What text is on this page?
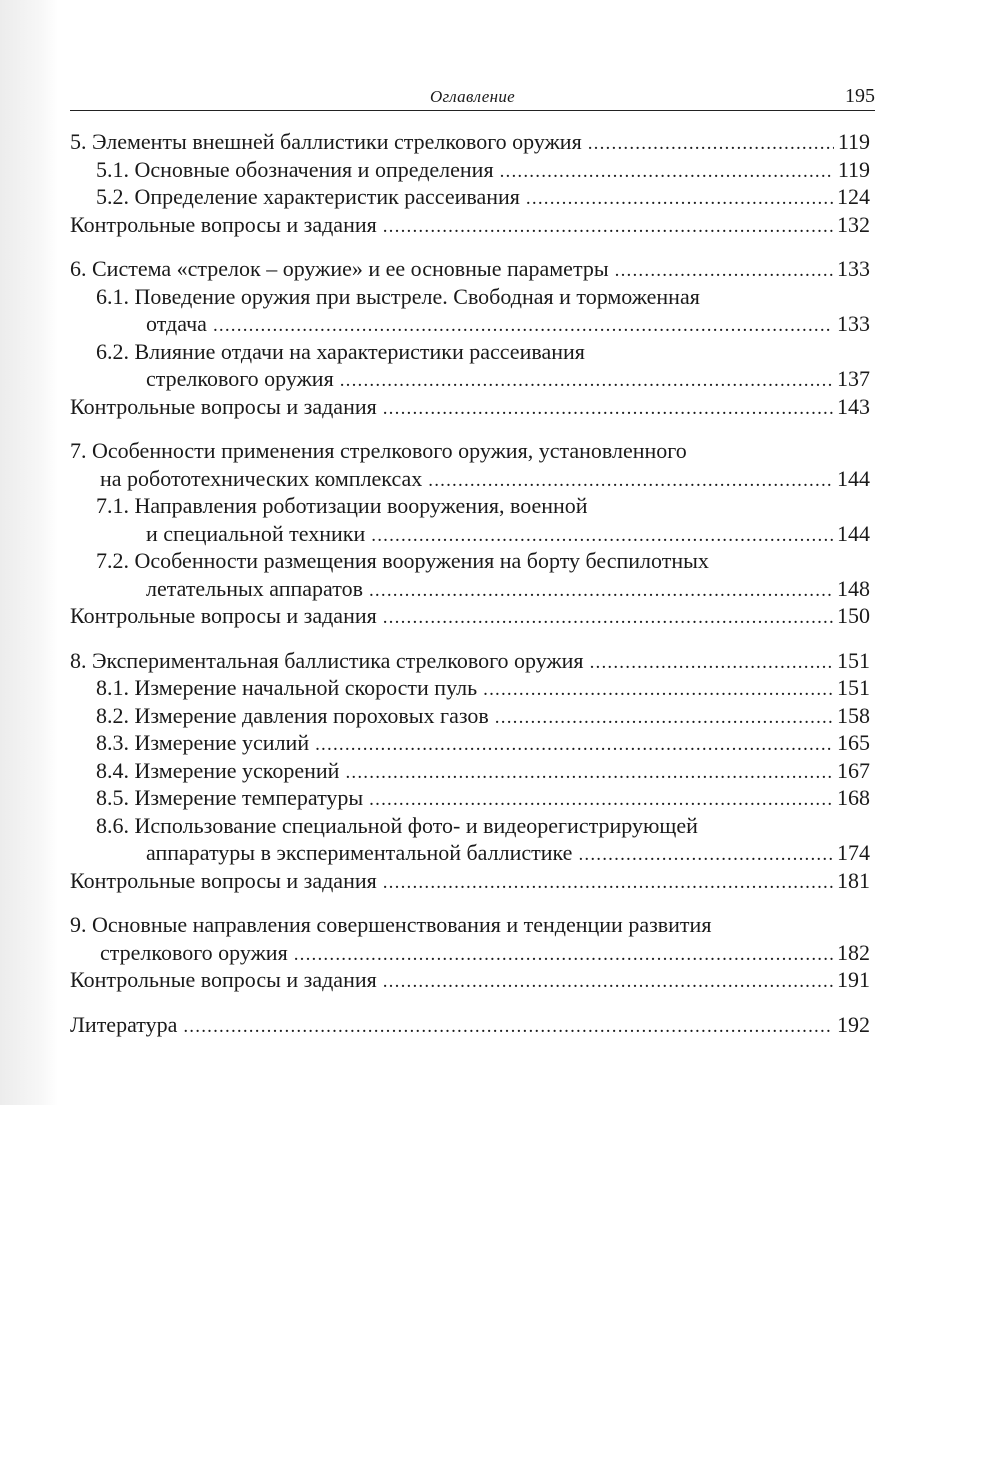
Оглавление	195
5. Элементы внешней баллистики стрелкового оружия .....	119
5.1. Основные обозначения и определения .....	119
5.2. Определение характеристик рассеивания .....	124
Контрольные вопросы и задания .....	132
6. Система «стрелок – оружие» и ее основные параметры .....	133
6.1. Поведение оружия при выстреле. Свободная и торможенная
отдача .....	133
6.2. Влияние отдачи на характеристики рассеивания
стрелкового оружия .....	137
Контрольные вопросы и задания .....	143
7. Особенности применения стрелкового оружия, установленного
на робототехнических комплексах .....	144
7.1. Направления роботизации вооружения, военной
и специальной техники .....	144
7.2. Особенности размещения вооружения на борту беспилотных
летательных аппаратов .....	148
Контрольные вопросы и задания .....	150
8. Экспериментальная баллистика стрелкового оружия .....	151
8.1. Измерение начальной скорости пуль .....	151
8.2. Измерение давления пороховых газов .....	158
8.3. Измерение усилий .....	165
8.4. Измерение ускорений .....	167
8.5. Измерение температуры .....	168
8.6. Использование специальной фото- и видеорегистрирующей
аппаратуры в экспериментальной баллистике .....	174
Контрольные вопросы и задания .....	181
9. Основные направления совершенствования и тенденции развития
стрелкового оружия .....	182
Контрольные вопросы и задания .....	191
Литература .....	192
